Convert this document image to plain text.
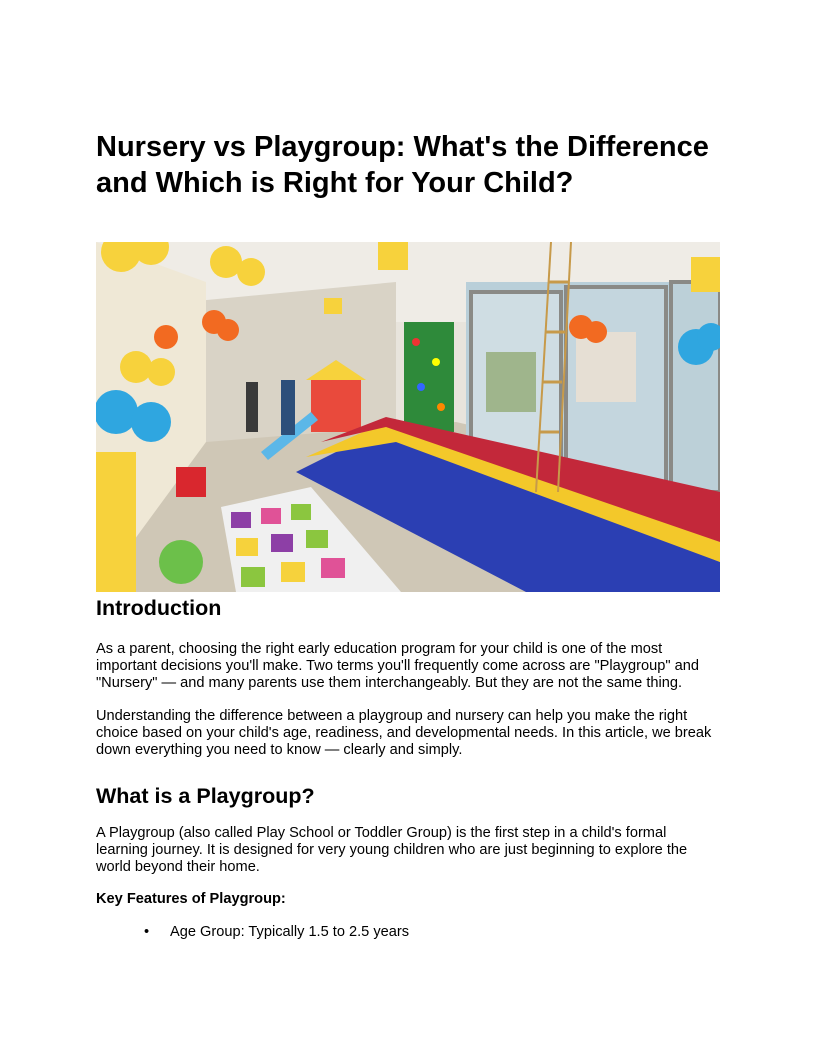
Nursery vs Playgroup: What's the Difference and Which is Right for Your Child?
Introduction

As a parent, choosing the right early education program for your child is one of the most important decisions you'll make. Two terms you'll frequently come across are "Playgroup" and "Nursery" — and many parents use them interchangeably. But they are not the same thing.

Understanding the difference between a playgroup and nursery can help you make the right choice based on your child's age, readiness, and developmental needs. In this article, we break down everything you need to know — clearly and simply.

What is a Playgroup?

A Playgroup (also called Play School or Toddler Group) is the first step in a child's formal learning journey. It is designed for very young children who are just beginning to explore the world beyond their home.

Key Features of Playgroup:

• Age Group: Typically 1.5 to 2.5 years
